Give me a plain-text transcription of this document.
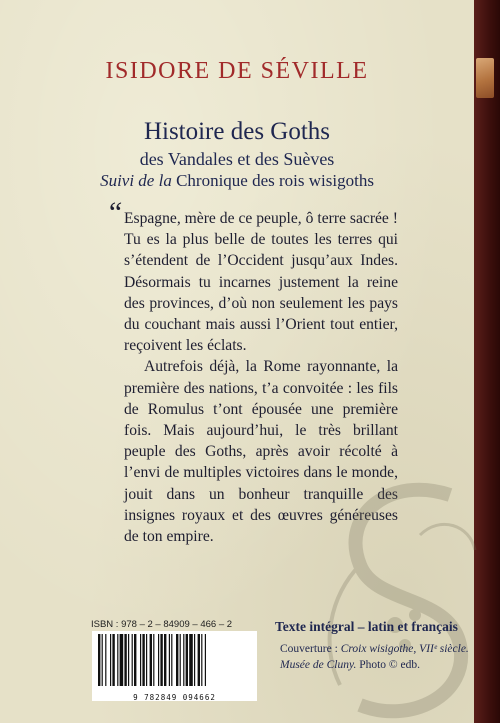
ISIDORE DE SÉVILLE
Histoire des Goths
des Vandales et des Suèves
Suivi de la Chronique des rois wisigoths
“ Espagne, mère de ce peuple, ô terre sacrée ! Tu es la plus belle de toutes les terres qui s’étendent de l’Occident jusqu’aux Indes. Désormais tu incarnes justement la reine des provinces, d’où non seulement les pays du couchant mais aussi l’Orient tout entier, reçoivent les éclats.

Autrefois déjà, la Rome rayonnante, la première des nations, t’a convoitée : les fils de Romulus t’ont épousée une première fois. Mais aujourd’hui, le très brillant peuple des Goths, après avoir récolté à l’envi de multiples victoires dans le monde, jouit dans un bonheur tranquille des insignes royaux et des œuvres généreuses de ton empire.

ISBN : 978 – 2 – 84909 – 466 – 2
9 782849 094662
Texte intégral – latin et français
Couverture : Croix wisigothe, VIIᵉ siècle. Musée de Cluny. Photo © edb.
